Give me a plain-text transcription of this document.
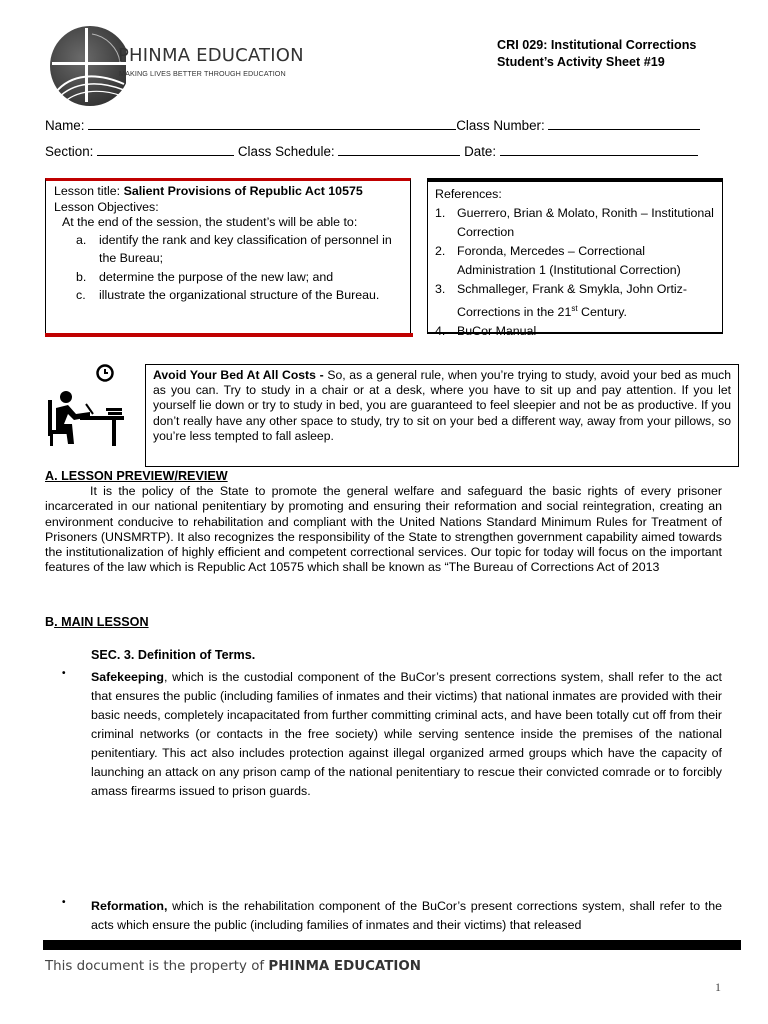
PHINMA EDUCATION
MAKING LIVES BETTER THROUGH EDUCATION
CRI 029: Institutional Corrections
Student’s Activity Sheet #19
Name:	Class Number:
Section:	Class Schedule:	Date:
Lesson title: Salient Provisions of Republic Act 10575
Lesson Objectives:
At the end of the session, the student’s will be able to:
a. identify the rank and key classification of personnel in the Bureau;
b. determine the purpose of the new law; and
c. illustrate the organizational structure of the Bureau.
References:
1. Guerrero, Brian & Molato, Ronith – Institutional Correction
2. Foronda, Mercedes – Correctional Administration 1 (Institutional Correction)
3. Schmalleger, Frank & Smykla, John Ortiz-Corrections in the 21st Century.
4. BuCor Manual
Avoid Your Bed At All Costs - So, as a general rule, when you’re trying to study, avoid your bed as much as you can. Try to study in a chair or at a desk, where you have to sit up and pay attention. If you let yourself lie down or try to study in bed, you are guaranteed to feel sleepier and not be as productive. If you don’t really have any other space to study, try to sit on your bed a different way, away from your pillows, so you’re less tempted to fall asleep.
A. LESSON PREVIEW/REVIEW
It is the policy of the State to promote the general welfare and safeguard the basic rights of every prisoner incarcerated in our national penitentiary by promoting and ensuring their reformation and social reintegration, creating an environment conducive to rehabilitation and compliant with the United Nations Standard Minimum Rules for Treatment of Prisoners (UNSMRTP). It also recognizes the responsibility of the State to strengthen government capability aimed towards the institutionalization of highly efficient and competent correctional services. Our topic for today will focus on the important features of the law which is Republic Act 10575 which shall be known as “The Bureau of Corrections Act of 2013
B. MAIN LESSON
SEC. 3. Definition of Terms.
• Safekeeping, which is the custodial component of the BuCor’s present corrections system, shall refer to the act that ensures the public (including families of inmates and their victims) that national inmates are provided with their basic needs, completely incapacitated from further committing criminal acts, and have been totally cut off from their criminal networks (or contacts in the free society) while serving sentence inside the premises of the national penitentiary. This act also includes protection against illegal organized armed groups which have the capacity of launching an attack on any prison camp of the national penitentiary to rescue their convicted comrade or to forcibly amass firearms issued to prison guards.
• Reformation, which is the rehabilitation component of the BuCor’s present corrections system, shall refer to the acts which ensure the public (including families of inmates and their victims) that released
This document is the property of PHINMA EDUCATION
1
